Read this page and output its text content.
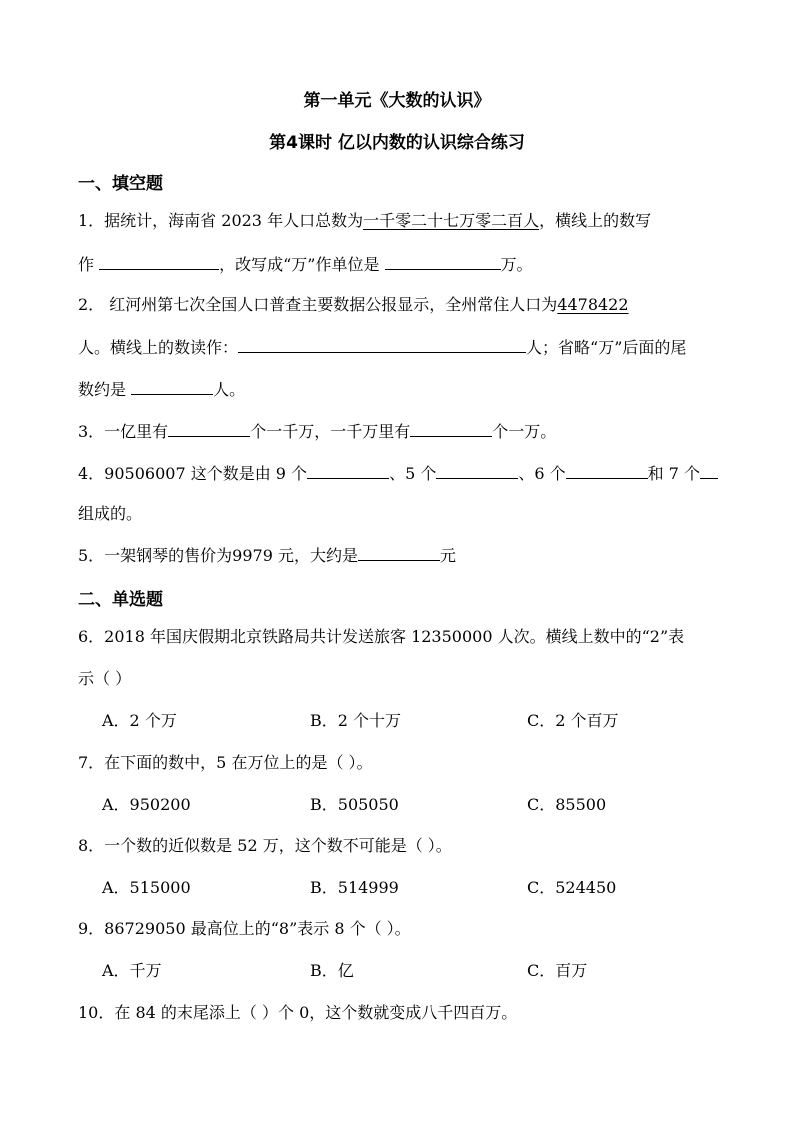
第一单元《大数的认识》
第4课时 亿以内数的认识综合练习
一、填空题
1．据统计，海南省 2023 年人口总数为一千零二十七万零二百人，横线上的数写
作	，改写成“万”作单位是	万。
2． 红河州第七次全国人口普查主要数据公报显示，全州常住人口为4478422
人。横线上的数读作：	人；省略“万”后面的尾
数约是	人。
3．一亿里有	个一千万，一千万里有	个一万。
4．90506007 这个数是由 9 个	、5 个	、6 个	和 7 个
组成的。
5．一架钢琴的售价为9979 元，大约是	元
二、单选题
6．2018 年国庆假期北京铁路局共计发送旅客 12350000 人次。横线上数中的“2”表
示（ ）
A．2 个万	B．2 个十万	C．2 个百万
7．在下面的数中，5 在万位上的是（ ）。
A．950200	B．505050	C．85500
8．一个数的近似数是 52 万，这个数不可能是（ ）。
A．515000	B．514999	C．524450
9．86729050 最高位上的“8”表示 8 个（ ）。
A．千万	B．亿	C．百万
10．在 84 的末尾添上（ ）个 0，这个数就变成八千四百万。
